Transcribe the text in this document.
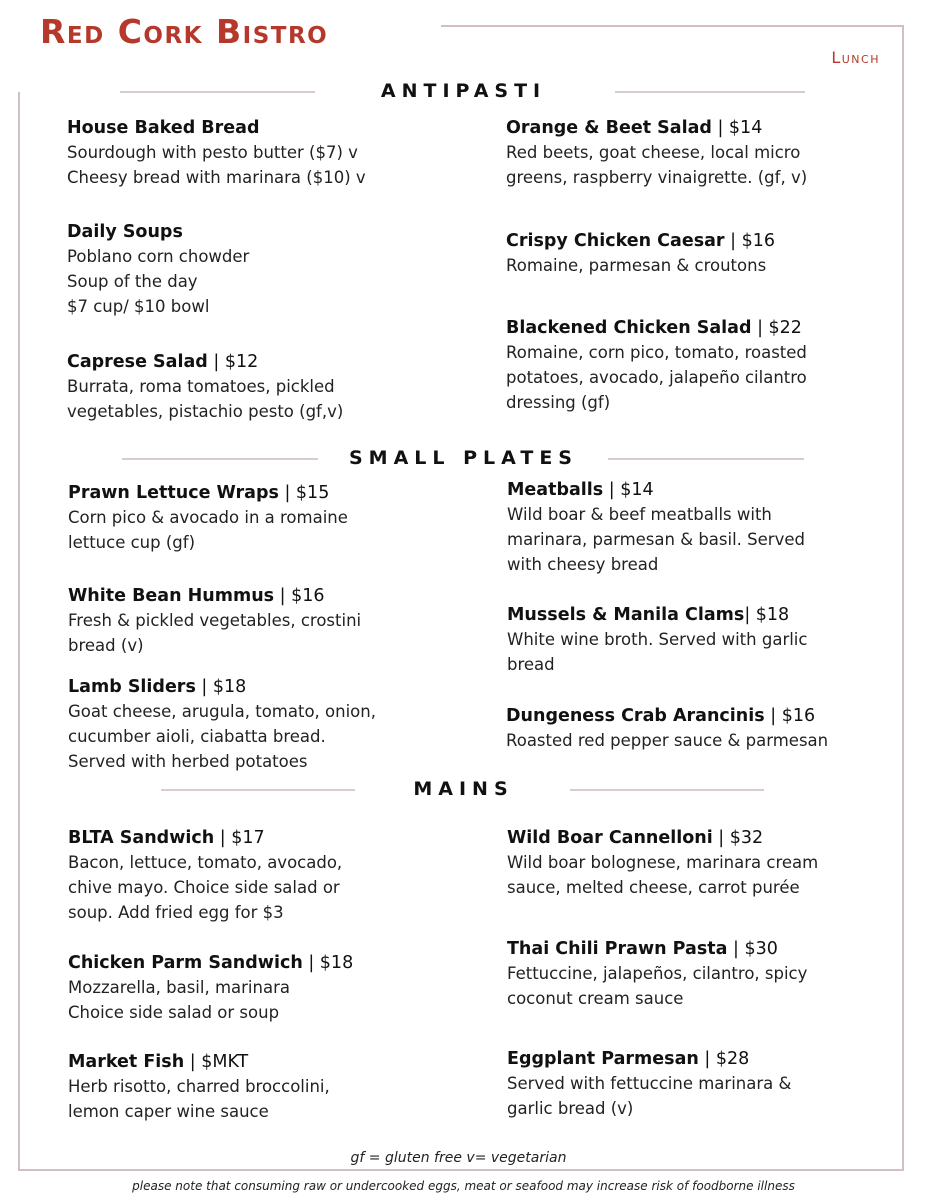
Red Cork Bistro
Lunch
ANTIPASTI
House Baked Bread
Sourdough with pesto butter ($7) v
Cheesy bread with marinara ($10) v
Daily Soups
Poblano corn chowder
Soup of the day
$7 cup/ $10 bowl
Caprese Salad | $12
Burrata, roma tomatoes, pickled
vegetables, pistachio pesto (gf,v)
Orange & Beet Salad | $14
Red beets, goat cheese, local micro
greens, raspberry vinaigrette. (gf, v)
Crispy Chicken Caesar | $16
Romaine, parmesan & croutons
Blackened Chicken Salad | $22
Romaine, corn pico, tomato, roasted
potatoes, avocado, jalapeño cilantro
dressing (gf)
SMALL PLATES
Prawn Lettuce Wraps | $15
Corn pico & avocado in a romaine
lettuce cup (gf)
White Bean Hummus | $16
Fresh & pickled vegetables, crostini
bread (v)
Lamb Sliders | $18
Goat cheese, arugula, tomato, onion,
cucumber aioli, ciabatta bread.
Served with herbed potatoes
Meatballs | $14
Wild boar & beef meatballs with
marinara, parmesan & basil. Served
with cheesy bread
Mussels & Manila Clams| $18
White wine broth. Served with garlic
bread
Dungeness Crab Arancinis | $16
Roasted red pepper sauce & parmesan
MAINS
BLTA Sandwich | $17
Bacon, lettuce, tomato, avocado,
chive mayo. Choice side salad or
soup. Add fried egg for $3
Chicken Parm Sandwich | $18
Mozzarella, basil, marinara
Choice side salad or soup
Market Fish | $MKT
Herb risotto, charred broccolini,
lemon caper wine sauce
Wild Boar Cannelloni | $32
Wild boar bolognese, marinara cream
sauce, melted cheese, carrot purée
Thai Chili Prawn Pasta | $30
Fettuccine, jalapeños, cilantro, spicy
coconut cream sauce
Eggplant Parmesan | $28
Served with fettuccine marinara &
garlic bread (v)
gf = gluten free v= vegetarian
please note that consuming raw or undercooked eggs, meat or seafood may increase risk of foodborne illness
